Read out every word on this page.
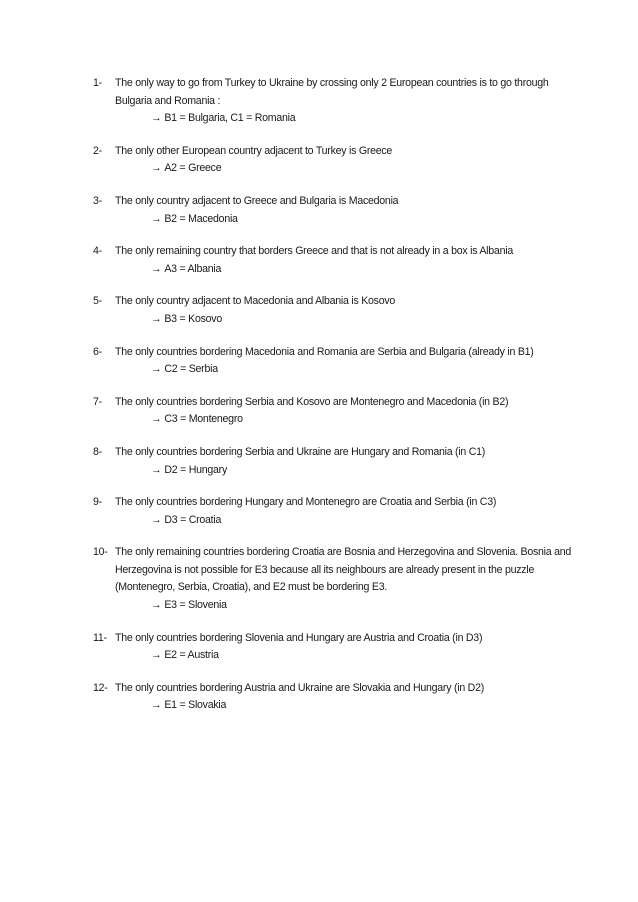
1- The only way to go from Turkey to Ukraine by crossing only 2 European countries is to go through Bulgaria and Romania :
→ B1 = Bulgaria, C1 = Romania
2- The only other European country adjacent to Turkey is Greece
→ A2 = Greece
3- The only country adjacent to Greece and Bulgaria is Macedonia
→ B2 = Macedonia
4- The only remaining country that borders Greece and that is not already in a box is Albania
→ A3 = Albania
5- The only country adjacent to Macedonia and Albania is Kosovo
→ B3 = Kosovo
6- The only countries bordering Macedonia and Romania are Serbia and Bulgaria (already in B1)
→ C2 = Serbia
7- The only countries bordering Serbia and Kosovo are Montenegro and Macedonia (in B2)
→ C3 = Montenegro
8- The only countries bordering Serbia and Ukraine are Hungary and Romania (in C1)
→ D2 = Hungary
9- The only countries bordering Hungary and Montenegro are Croatia and Serbia (in C3)
→ D3 = Croatia
10- The only remaining countries bordering Croatia are Bosnia and Herzegovina and Slovenia. Bosnia and Herzegovina is not possible for E3 because all its neighbours are already present in the puzzle (Montenegro, Serbia, Croatia), and E2 must be bordering E3.
→ E3 = Slovenia
11- The only countries bordering Slovenia and Hungary are Austria and Croatia (in D3)
→ E2 = Austria
12- The only countries bordering Austria and Ukraine are Slovakia and Hungary (in D2)
→ E1 = Slovakia
